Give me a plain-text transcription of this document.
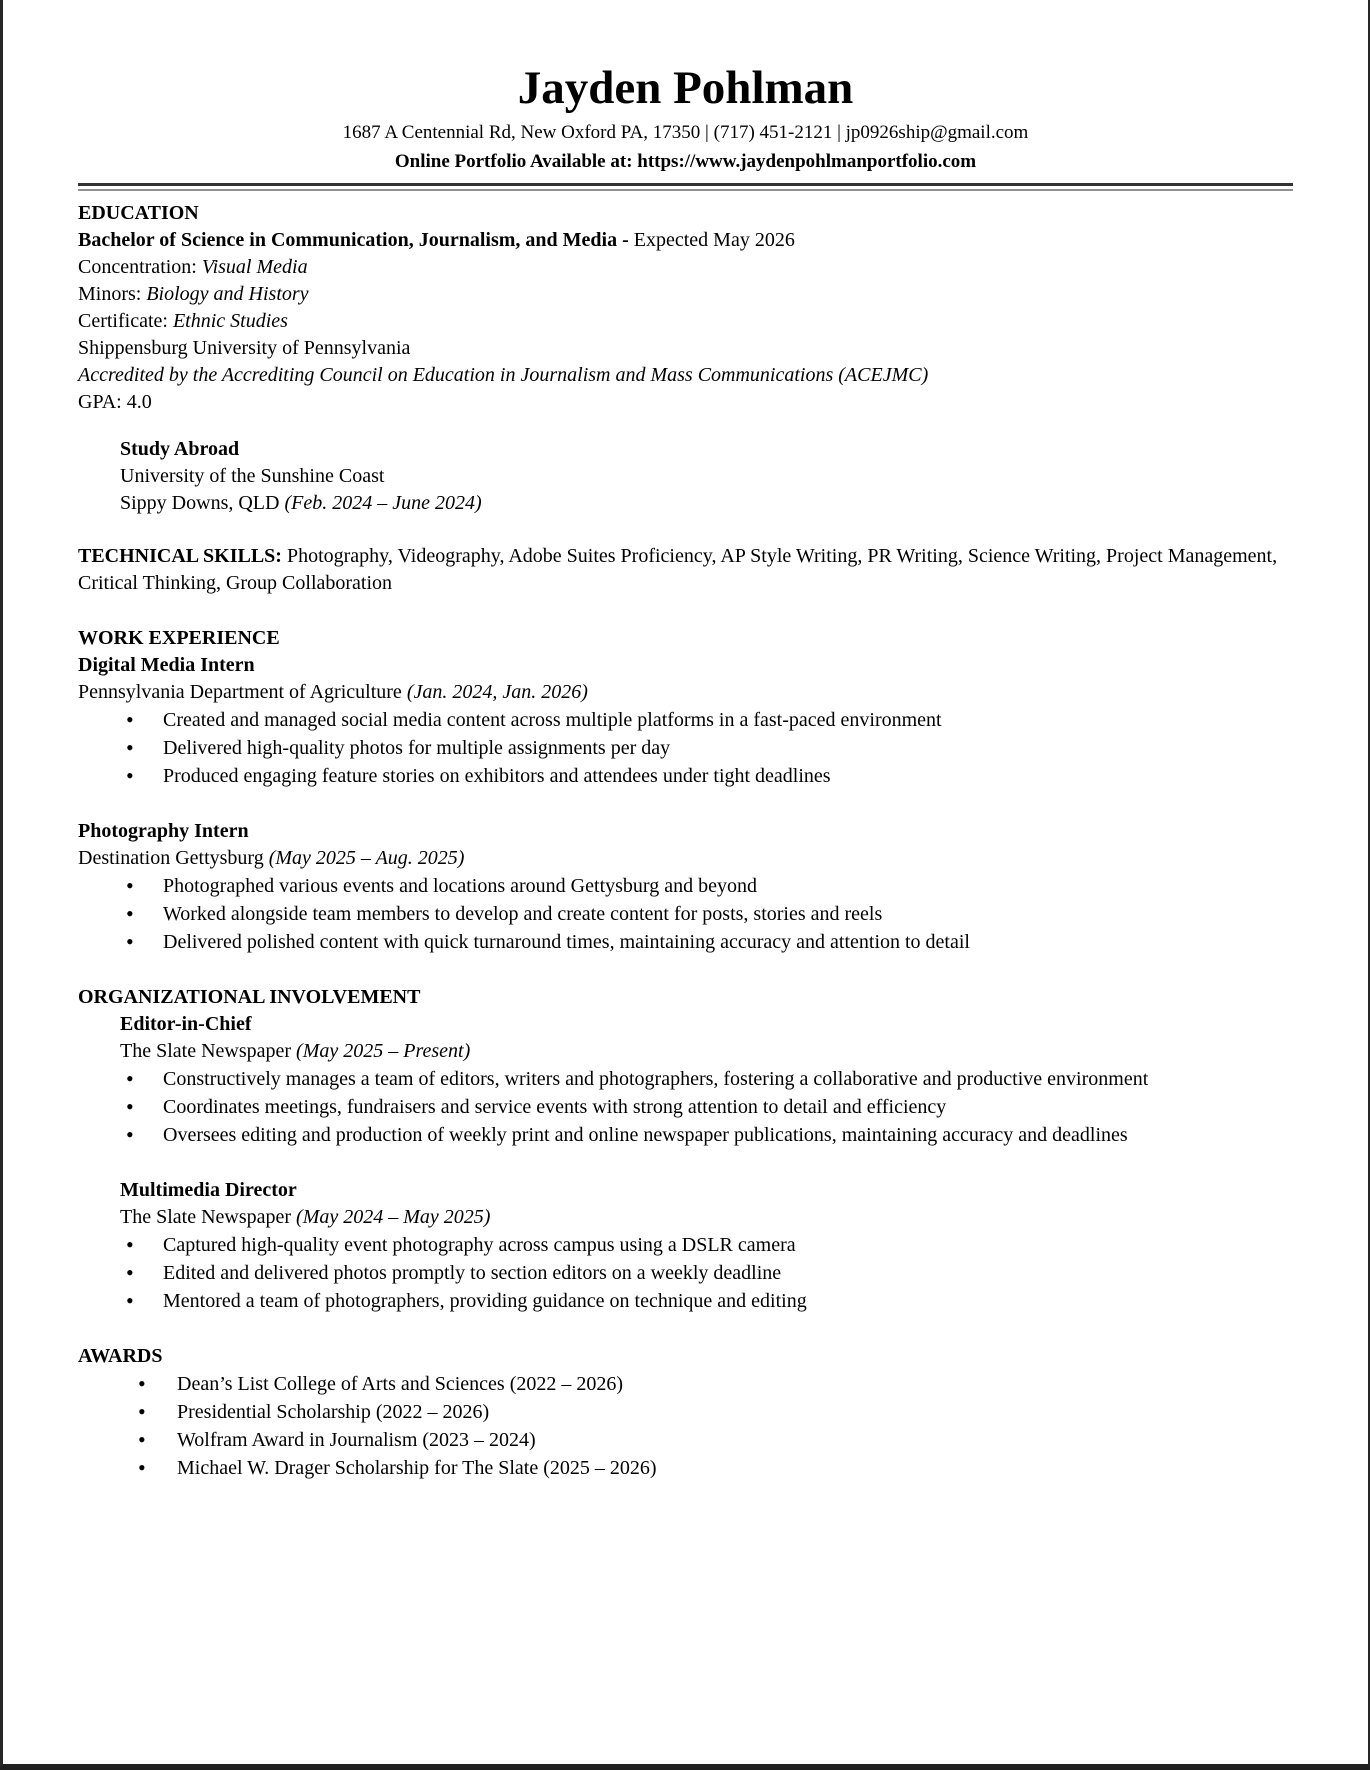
Jayden Pohlman

1687 A Centennial Rd, New Oxford PA, 17350 | (717) 451-2121 | jp0926ship@gmail.com

Online Portfolio Available at: https://www.jaydenpohlmanportfolio.com

EDUCATION

Bachelor of Science in Communication, Journalism, and Media - Expected May 2026

Concentration: Visual Media

Minors: Biology and History

Certificate: Ethnic Studies

Shippensburg University of Pennsylvania

Accredited by the Accrediting Council on Education in Journalism and Mass Communications (ACEJMC)

GPA: 4.0

Study Abroad

University of the Sunshine Coast

Sippy Downs, QLD (Feb. 2024 – June 2024)

TECHNICAL SKILLS: Photography, Videography, Adobe Suites Proficiency, AP Style Writing, PR Writing, Science Writing, Project Management, Critical Thinking, Group Collaboration

WORK EXPERIENCE
Digital Media Intern

Pennsylvania Department of Agriculture (Jan. 2024, Jan. 2026)

• Created and managed social media content across multiple platforms in a fast-paced environment
• Delivered high-quality photos for multiple assignments per day
• Produced engaging feature stories on exhibitors and attendees under tight deadlines
Photography Intern

Destination Gettysburg (May 2025 – Aug. 2025)

• Photographed various events and locations around Gettysburg and beyond
• Worked alongside team members to develop and create content for posts, stories and reels
• Delivered polished content with quick turnaround times, maintaining accuracy and attention to detail
ORGANIZATIONAL INVOLVEMENT
Editor-in-Chief

The Slate Newspaper (May 2025 – Present)

• Constructively manages a team of editors, writers and photographers, fostering a collaborative and productive environment
• Coordinates meetings, fundraisers and service events with strong attention to detail and efficiency
• Oversees editing and production of weekly print and online newspaper publications, maintaining accuracy and deadlines
Multimedia Director

The Slate Newspaper (May 2024 – May 2025)

• Captured high-quality event photography across campus using a DSLR camera
• Edited and delivered photos promptly to section editors on a weekly deadline
• Mentored a team of photographers, providing guidance on technique and editing
AWARDS
• Dean’s List College of Arts and Sciences (2022 – 2026)
• Presidential Scholarship (2022 – 2026)
• Wolfram Award in Journalism (2023 – 2024)
• Michael W. Drager Scholarship for The Slate (2025 – 2026)
